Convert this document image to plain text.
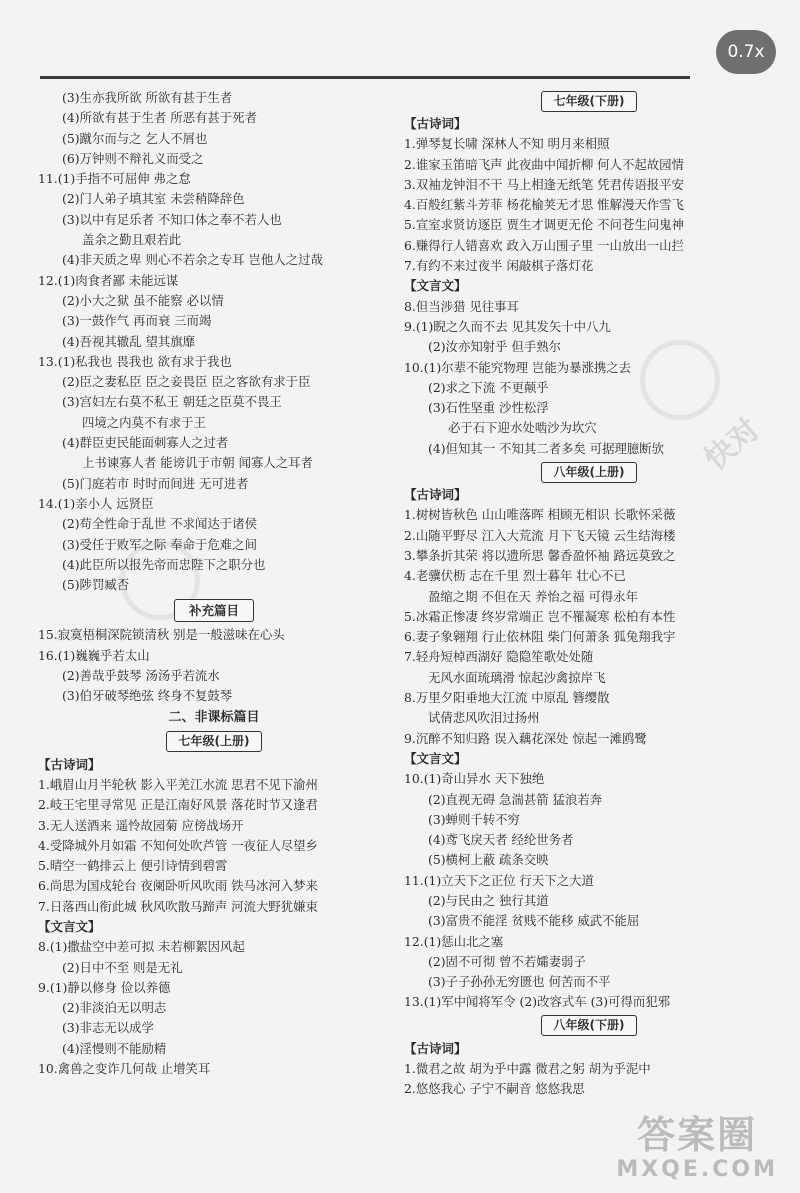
0.7x
快对
(3)生亦我所欲 所欲有甚于生者
(4)所欲有甚于生者 所恶有甚于死者
(5)蹴尔而与之 乞人不屑也
(6)万钟则不辩礼义而受之
11.(1)手指不可屈伸 弗之怠
(2)门人弟子填其室 未尝稍降辞色
(3)以中有足乐者 不知口体之奉不若人也
盖余之勤且艰若此
(4)非天质之卑 则心不若余之专耳 岂他人之过哉
12.(1)肉食者鄙 未能远谋
(2)小大之狱 虽不能察 必以情
(3)一鼓作气 再而衰 三而竭
(4)吾视其辙乱 望其旗靡
13.(1)私我也 畏我也 欲有求于我也
(2)臣之妻私臣 臣之妾畏臣 臣之客欲有求于臣
(3)宫妇左右莫不私王 朝廷之臣莫不畏王
四境之内莫不有求于王
(4)群臣吏民能面刺寡人之过者
上书谏寡人者 能谤讥于市朝 闻寡人之耳者
(5)门庭若市 时时而间进 无可进者
14.(1)亲小人 远贤臣
(2)苟全性命于乱世 不求闻达于诸侯
(3)受任于败军之际 奉命于危难之间
(4)此臣所以报先帝而忠陛下之职分也
(5)陟罚臧否
补充篇目
15.寂寞梧桐深院锁清秋 别是一般滋味在心头
16.(1)巍巍乎若太山
(2)善哉乎鼓琴 汤汤乎若流水
(3)伯牙破琴绝弦 终身不复鼓琴
二、非课标篇目
七年级(上册)
【古诗词】
1.峨眉山月半轮秋 影入平羌江水流 思君不见下渝州
2.岐王宅里寻常见 正是江南好风景 落花时节又逢君
3.无人送酒来 遥怜故园菊 应傍战场开
4.受降城外月如霜 不知何处吹芦管 一夜征人尽望乡
5.晴空一鹤排云上 便引诗情到碧霄
6.尚思为国戍轮台 夜阑卧听风吹雨 铁马冰河入梦来
7.日落西山衔此城 秋风吹散马蹄声 河流大野犹嫌束
【文言文】
8.(1)撒盐空中差可拟 未若柳絮因风起
(2)日中不至 则是无礼
9.(1)静以修身 俭以养德
(2)非淡泊无以明志
(3)非志无以成学
(4)淫慢则不能励精
10.禽兽之变诈几何哉 止增笑耳
七年级(下册)
【古诗词】
1.弹琴复长啸 深林人不知 明月来相照
2.谁家玉笛暗飞声 此夜曲中闻折柳 何人不起故园情
3.双袖龙钟泪不干 马上相逢无纸笔 凭君传语报平安
4.百般红紫斗芳菲 杨花榆荚无才思 惟解漫天作雪飞
5.宣室求贤访逐臣 贾生才调更无伦 不问苍生问鬼神
6.赚得行人错喜欢 政入万山围子里 一山放出一山拦
7.有约不来过夜半 闲敲棋子落灯花
【文言文】
8.但当涉猎 见往事耳
9.(1)睨之久而不去 见其发矢十中八九
(2)汝亦知射乎 但手熟尔
10.(1)尔辈不能究物理 岂能为暴涨携之去
(2)求之下流 不更颠乎
(3)石性坚重 沙性松浮
必于石下迎水处啮沙为坎穴
(4)但知其一 不知其二者多矣 可据理臆断欤
八年级(上册)
【古诗词】
1.树树皆秋色 山山唯落晖 相顾无相识 长歌怀采薇
2.山随平野尽 江入大荒流 月下飞天镜 云生结海楼
3.攀条折其荣 将以遗所思 馨香盈怀袖 路远莫致之
4.老骥伏枥 志在千里 烈士暮年 壮心不已
盈缩之期 不但在天 养怡之福 可得永年
5.冰霜正惨凄 终岁常端正 岂不罹凝寒 松柏有本性
6.妻子象翱翔 行止依林阻 柴门何萧条 狐兔翔我宇
7.轻舟短棹西湖好 隐隐笙歌处处随
无风水面琉璃滑 惊起沙禽掠岸飞
8.万里夕阳垂地大江流 中原乱 簪缨散
试倩悲风吹泪过扬州
9.沉醉不知归路 误入藕花深处 惊起一滩鸥鹭
【文言文】
10.(1)奇山异水 天下独绝
(2)直视无碍 急湍甚箭 猛浪若奔
(3)蝉则千转不穷
(4)鸢飞戾天者 经纶世务者
(5)横柯上蔽 疏条交映
11.(1)立天下之正位 行天下之大道
(2)与民由之 独行其道
(3)富贵不能淫 贫贱不能移 威武不能屈
12.(1)惩山北之塞
(2)固不可彻 曾不若孀妻弱子
(3)子子孙孙无穷匮也 何苦而不平
13.(1)军中闻将军令 (2)改容式车 (3)可得而犯邪
八年级(下册)
【古诗词】
1.微君之故 胡为乎中露 微君之躬 胡为乎泥中
2.悠悠我心 子宁不嗣音 悠悠我思
答案圈
MXQE.COM
